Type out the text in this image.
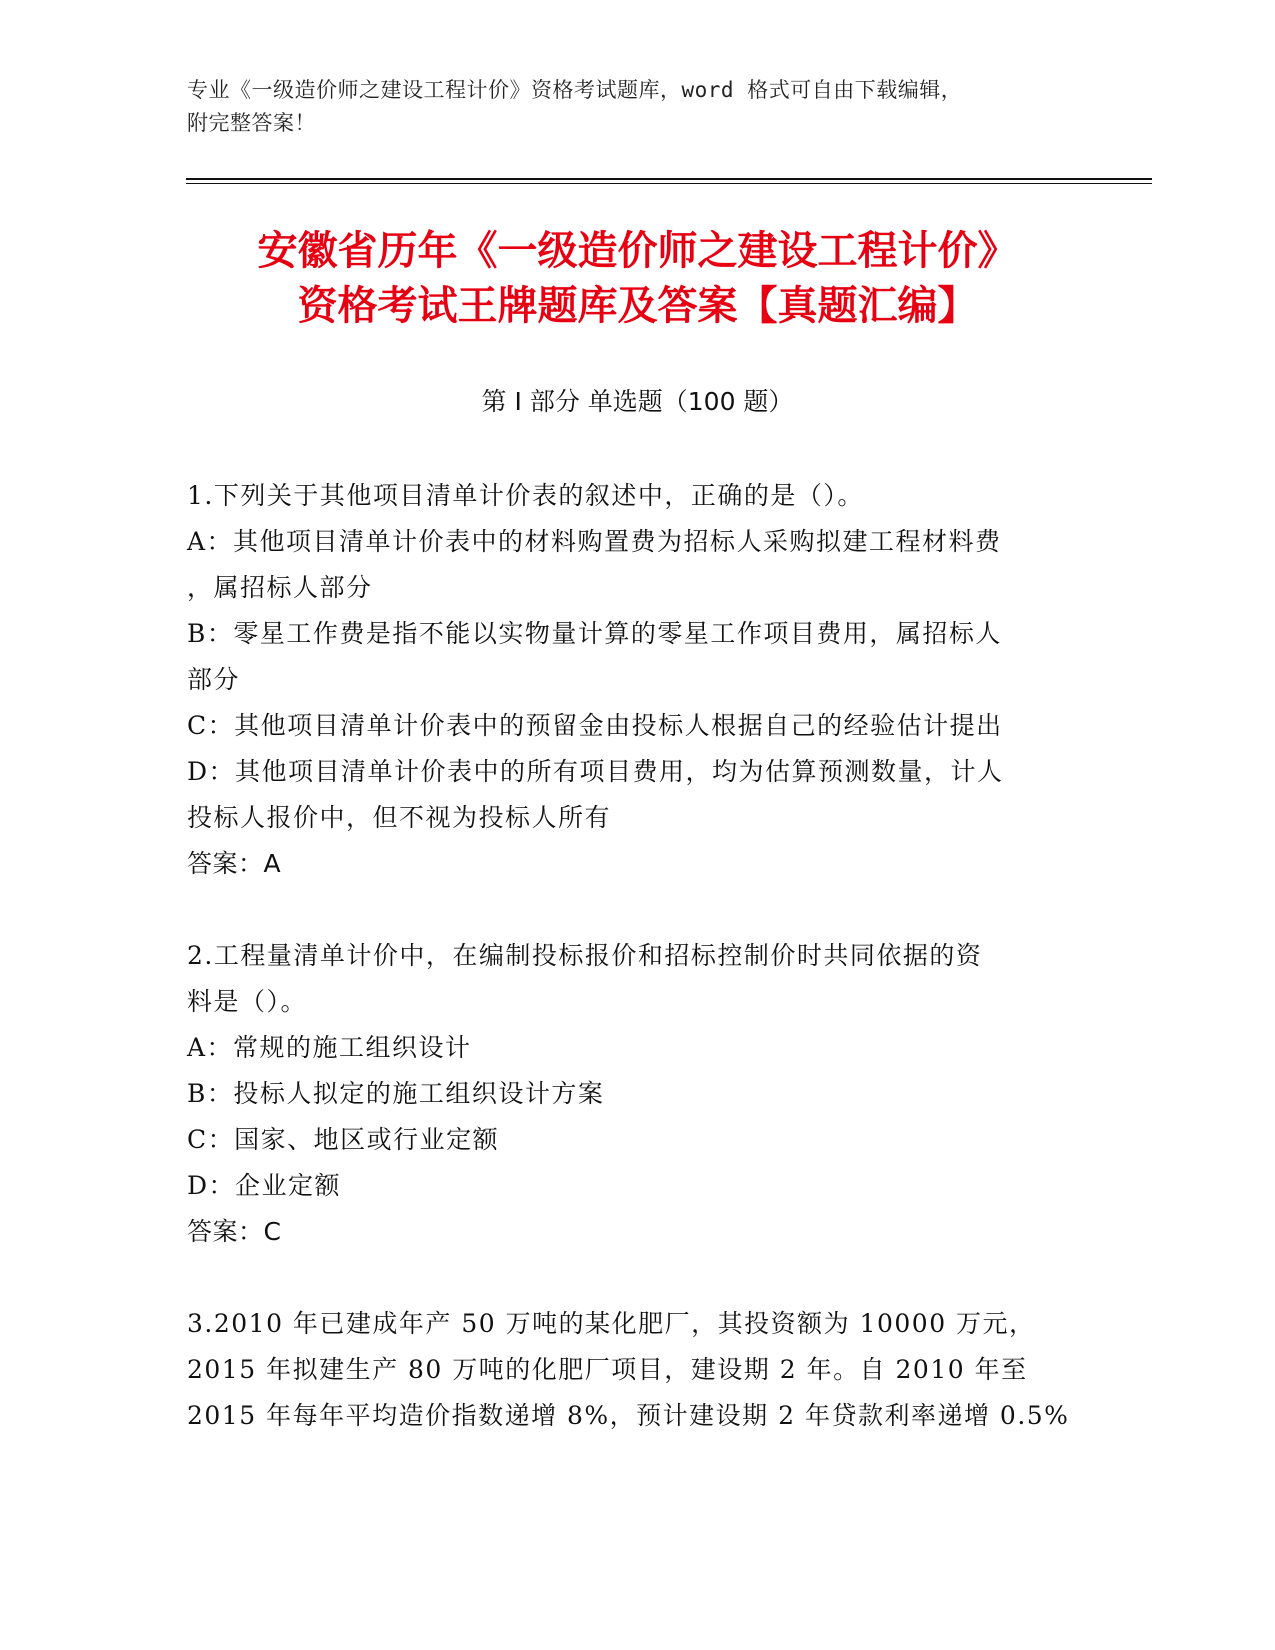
专业《一级造价师之建设工程计价》资格考试题库，word 格式可自由下载编辑，
附完整答案！
安徽省历年《一级造价师之建设工程计价》
资格考试王牌题库及答案【真题汇编】
第 I 部分 单选题（100 题）
1.下列关于其他项目清单计价表的叙述中，正确的是（）。
A：其他项目清单计价表中的材料购置费为招标人采购拟建工程材料费
，属招标人部分
B：零星工作费是指不能以实物量计算的零星工作项目费用，属招标人
部分
C：其他项目清单计价表中的预留金由投标人根据自己的经验估计提出
D：其他项目清单计价表中的所有项目费用，均为估算预测数量，计人
投标人报价中，但不视为投标人所有
答案：A
2.工程量清单计价中，在编制投标报价和招标控制价时共同依据的资
料是（）。
A：常规的施工组织设计
B：投标人拟定的施工组织设计方案
C：国家、地区或行业定额
D：企业定额
答案：C
3.2010 年已建成年产 50 万吨的某化肥厂，其投资额为 10000 万元，
2015 年拟建生产 80 万吨的化肥厂项目，建设期 2 年。自 2010 年至
2015 年每年平均造价指数递增 8%，预计建设期 2 年贷款利率递增 0.5%
